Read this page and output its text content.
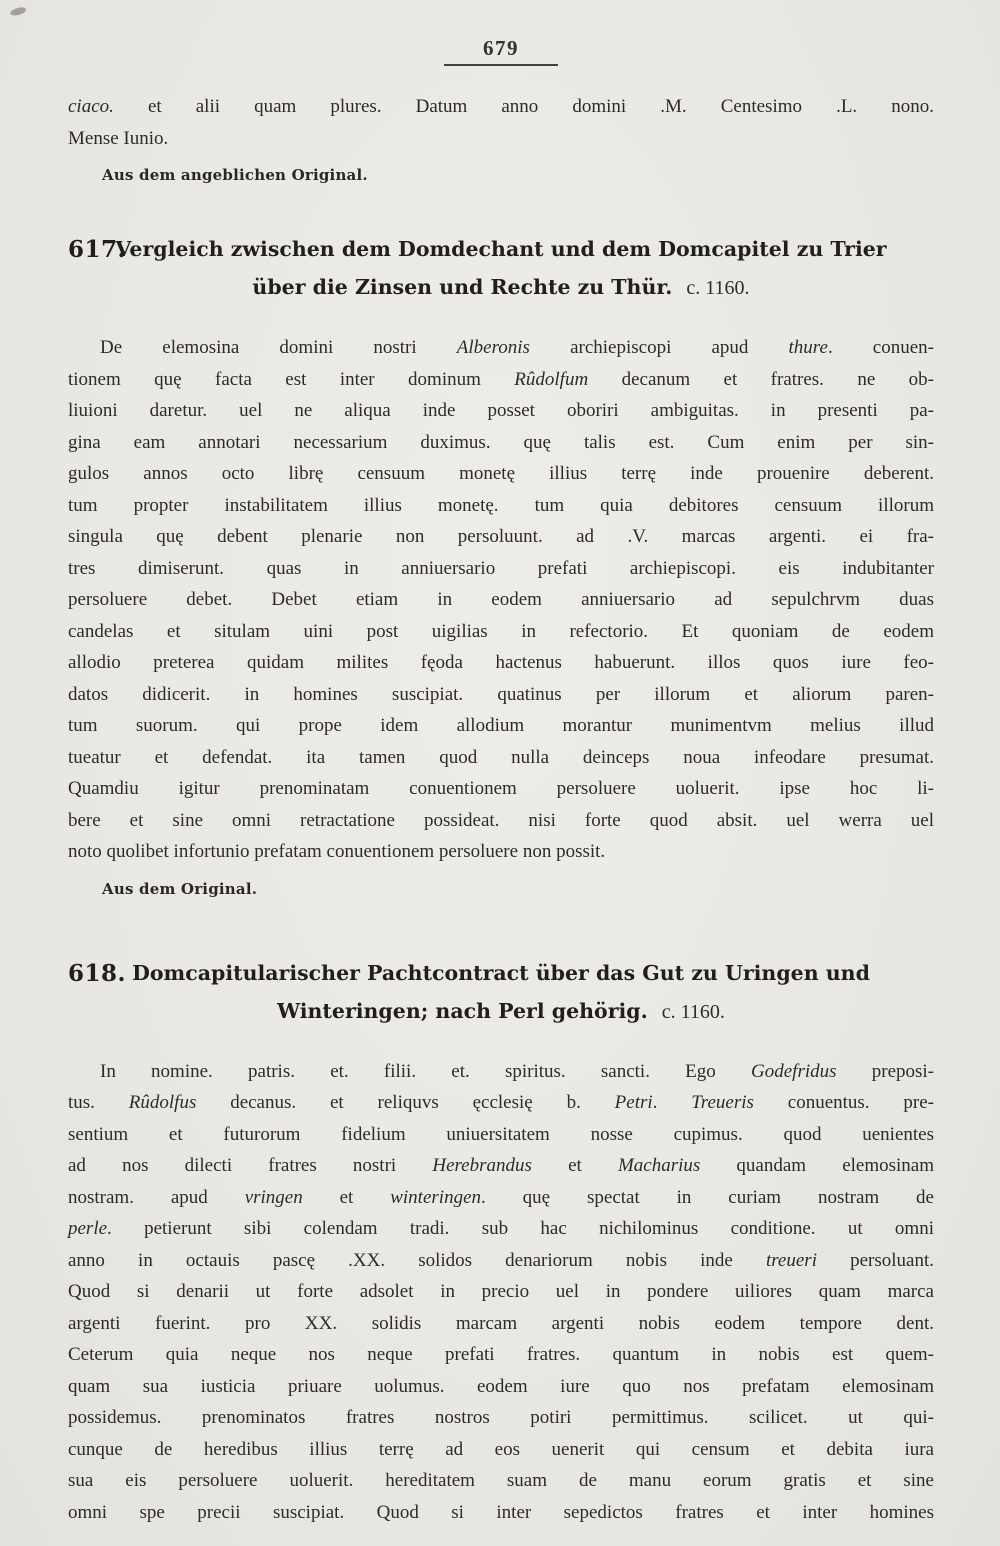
679
ciaco. et alii quam plures. Datum anno domini .M. Centesimo .L. nono.
Mense Iunio.
Aus dem angeblichen Original.
617.
Vergleich zwischen dem Domdechant und dem Domcapitel zu Trier
über die Zinsen und Rechte zu Thür. c. 1160.
De elemosina domini nostri Alberonis archiepiscopi apud thure. conuen-
tionem quę facta est inter dominum Rûdolfum decanum et fratres. ne ob-
liuioni daretur. uel ne aliqua inde posset oboriri ambiguitas. in presenti pa-
gina eam annotari necessarium duximus. quę talis est. Cum enim per sin-
gulos annos octo librę censuum monetę illius terrę inde prouenire deberent.
tum propter instabilitatem illius monetę. tum quia debitores censuum illorum
singula quę debent plenarie non persoluunt. ad .V. marcas argenti. ei fra-
tres dimiserunt. quas in anniuersario prefati archiepiscopi. eis indubitanter
persoluere debet. Debet etiam in eodem anniuersario ad sepulchrvm duas
candelas et situlam uini post uigilias in refectorio. Et quoniam de eodem
allodio preterea quidam milites fęoda hactenus habuerunt. illos quos iure feo-
datos didicerit. in homines suscipiat. quatinus per illorum et aliorum paren-
tum suorum. qui prope idem allodium morantur munimentvm melius illud
tueatur et defendat. ita tamen quod nulla deinceps noua infeodare presumat.
Quamdiu igitur prenominatam conuentionem persoluere uoluerit. ipse hoc li-
bere et sine omni retractatione possideat. nisi forte quod absit. uel werra uel
noto quolibet infortunio prefatam conuentionem persoluere non possit.
Aus dem Original.
618. Domcapitularischer Pachtcontract über das Gut zu Uringen und
Winteringen; nach Perl gehörig. c. 1160.
In nomine. patris. et. filii. et. spiritus. sancti. Ego Godefridus preposi-
tus. Rûdolfus decanus. et reliquvs ęcclesię b. Petri. Treueris conuentus. pre-
sentium et futurorum fidelium uniuersitatem nosse cupimus. quod uenientes
ad nos dilecti fratres nostri Herebrandus et Macharius quandam elemosinam
nostram. apud vringen et winteringen. quę spectat in curiam nostram de
perle. petierunt sibi colendam tradi. sub hac nichilominus conditione. ut omni
anno in octauis pascę .XX. solidos denariorum nobis inde treueri persoluant.
Quod si denarii ut forte adsolet in precio uel in pondere uiliores quam marca
argenti fuerint. pro XX. solidis marcam argenti nobis eodem tempore dent.
Ceterum quia neque nos neque prefati fratres. quantum in nobis est quem-
quam sua iusticia priuare uolumus. eodem iure quo nos prefatam elemosinam
possidemus. prenominatos fratres nostros potiri permittimus. scilicet. ut qui-
cunque de heredibus illius terrę ad eos uenerit qui censum et debita iura
sua eis persoluere uoluerit. hereditatem suam de manu eorum gratis et sine
omni spe precii suscipiat. Quod si inter sepedictos fratres et inter homines
